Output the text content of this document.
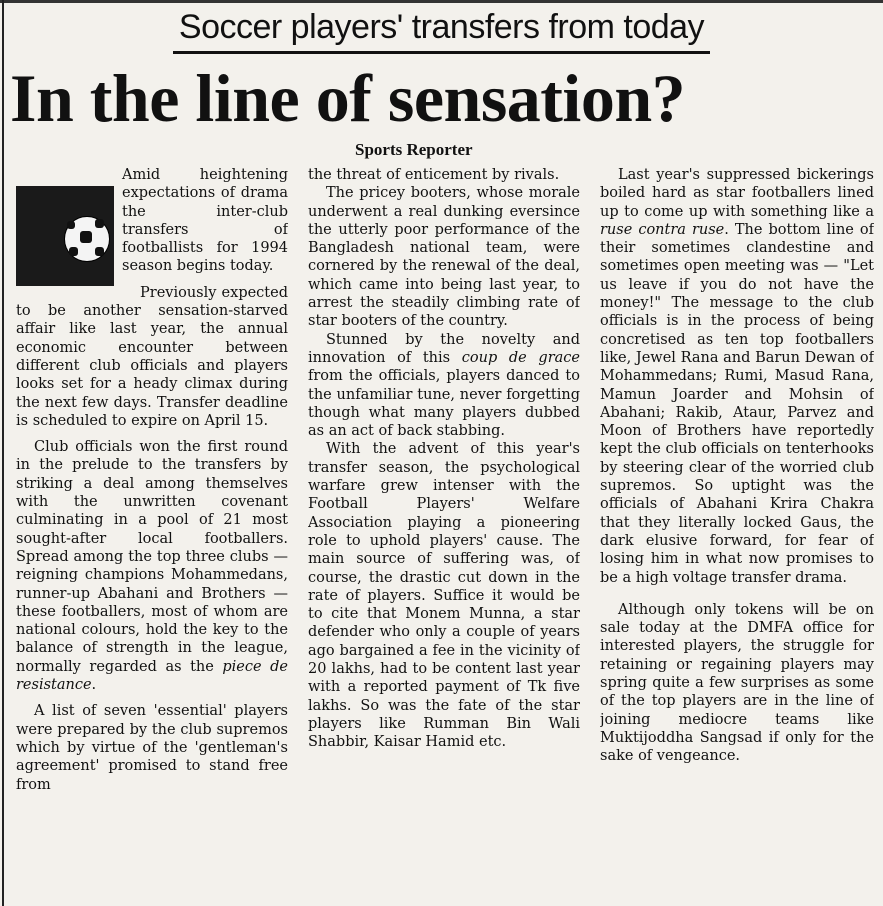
Soccer players' transfers from today
In the line of sensation?
Sports Reporter

Amid heightening expectations of drama the inter-club transfers of footballists for 1994 season begins today.

Previously expected to be another sensation-starved affair like last year, the annual economic encounter between different club officials and players looks set for a heady climax during the next few days. Transfer deadline is scheduled to expire on April 15.

Club officials won the first round in the prelude to the transfers by striking a deal among themselves with the unwritten covenant culminating in a pool of 21 most sought-after local footballers. Spread among the top three clubs — reigning champions Mohammedans, runner-up Abahani and Brothers — these footballers, most of whom are national colours, hold the key to the balance of strength in the league, normally regarded as the piece de resistance.

A list of seven 'essential' players were prepared by the club supremos which by virtue of the 'gentleman's agreement' promised to stand free from

the threat of enticement by rivals.

The pricey booters, whose morale underwent a real dunking eversince the utterly poor performance of the Bangladesh national team, were cornered by the renewal of the deal, which came into being last year, to arrest the steadily climbing rate of star booters of the country.

Stunned by the novelty and innovation of this coup de grace from the officials, players danced to the unfamiliar tune, never forgetting though what many players dubbed as an act of back stabbing.

With the advent of this year's transfer season, the psychological warfare grew intenser with the Football Players' Welfare Association playing a pioneering role to uphold players' cause. The main source of suffering was, of course, the drastic cut down in the rate of players. Suffice it would be to cite that Monem Munna, a star defender who only a couple of years ago bargained a fee in the vicinity of 20 lakhs, had to be content last year with a reported payment of Tk five lakhs. So was the fate of the star players like Rumman Bin Wali Shabbir, Kaisar Hamid etc.

Last year's suppressed bickerings boiled hard as star footballers lined up to come up with something like a ruse contra ruse. The bottom line of their sometimes clandestine and sometimes open meeting was — "Let us leave if you do not have the money!" The message to the club officials is in the process of being concretised as ten top footballers like, Jewel Rana and Barun Dewan of Mohammedans; Rumi, Masud Rana, Mamun Joarder and Mohsin of Abahani; Rakib, Ataur, Parvez and Moon of Brothers have reportedly kept the club officials on tenterhooks by steering clear of the worried club supremos. So uptight was the officials of Abahani Krira Chakra that they literally locked Gaus, the dark elusive forward, for fear of losing him in what now promises to be a high voltage transfer drama.

Although only tokens will be on sale today at the DMFA office for interested players, the struggle for retaining or regaining players may spring quite a few surprises as some of the top players are in the line of joining mediocre teams like Muktijoddha Sangsad if only for the sake of vengeance.
